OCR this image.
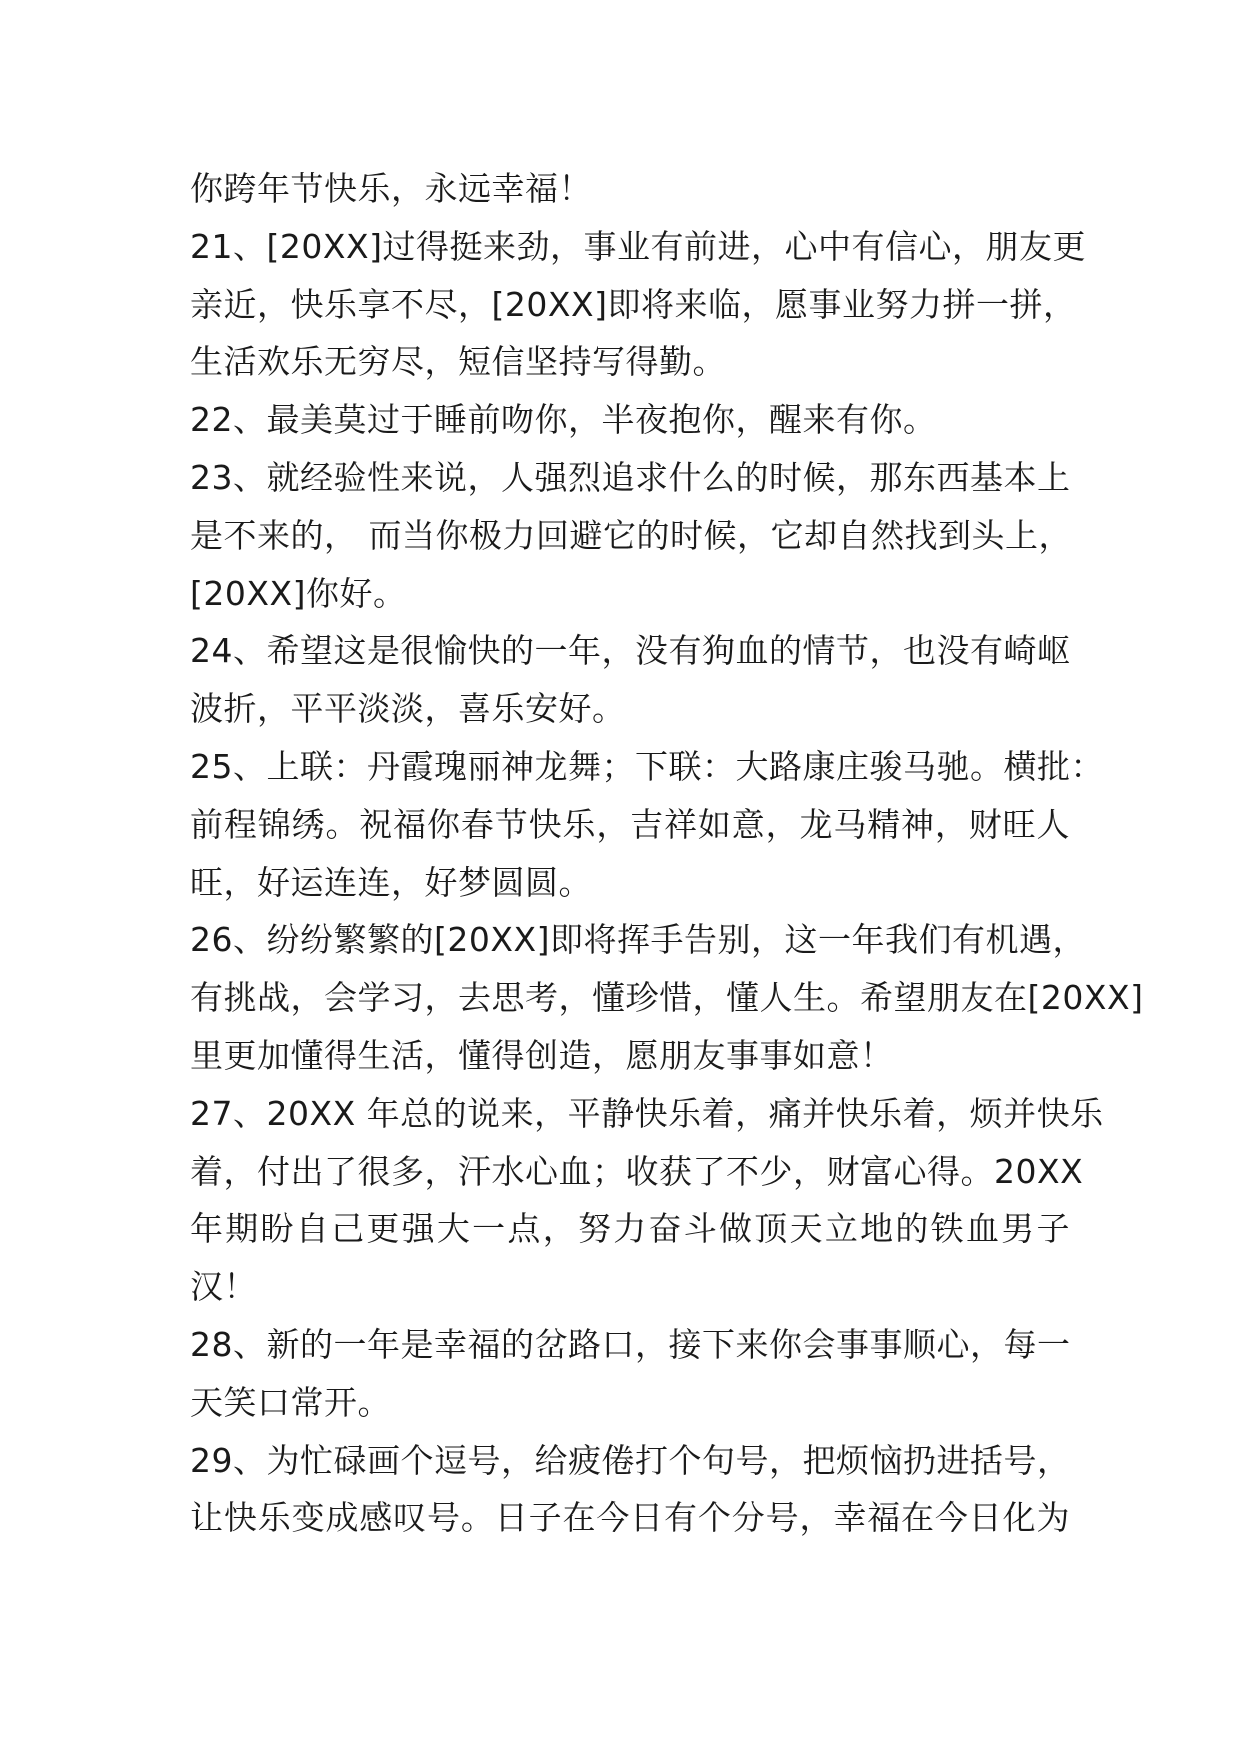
你跨年节快乐，永远幸福！
21、[20XX]过得挺来劲，事业有前进，心中有信心，朋友更
亲近，快乐享不尽，[20XX]即将来临，愿事业努力拼一拼，
生活欢乐无穷尽，短信坚持写得勤。
22、最美莫过于睡前吻你，半夜抱你，醒来有你。
23、就经验性来说，人强烈追求什么的时候，那东西基本上
是不来的， 而当你极力回避它的时候，它却自然找到头上，
[20XX]你好。
24、希望这是很愉快的一年，没有狗血的情节，也没有崎岖
波折，平平淡淡，喜乐安好。
25、上联：丹霞瑰丽神龙舞；下联：大路康庄骏马驰。横批：
前程锦绣。祝福你春节快乐，吉祥如意，龙马精神，财旺人
旺，好运连连，好梦圆圆。
26、纷纷繁繁的[20XX]即将挥手告别，这一年我们有机遇，
有挑战，会学习，去思考，懂珍惜，懂人生。希望朋友在[20XX]
里更加懂得生活，懂得创造，愿朋友事事如意！
27、20XX 年总的说来，平静快乐着，痛并快乐着，烦并快乐
着，付出了很多，汗水心血；收获了不少，财富心得。20XX
年期盼自己更强大一点，努力奋斗做顶天立地的铁血男子
汉！
28、新的一年是幸福的岔路口，接下来你会事事顺心，每一
天笑口常开。
29、为忙碌画个逗号，给疲倦打个句号，把烦恼扔进括号，
让快乐变成感叹号。日子在今日有个分号，幸福在今日化为
